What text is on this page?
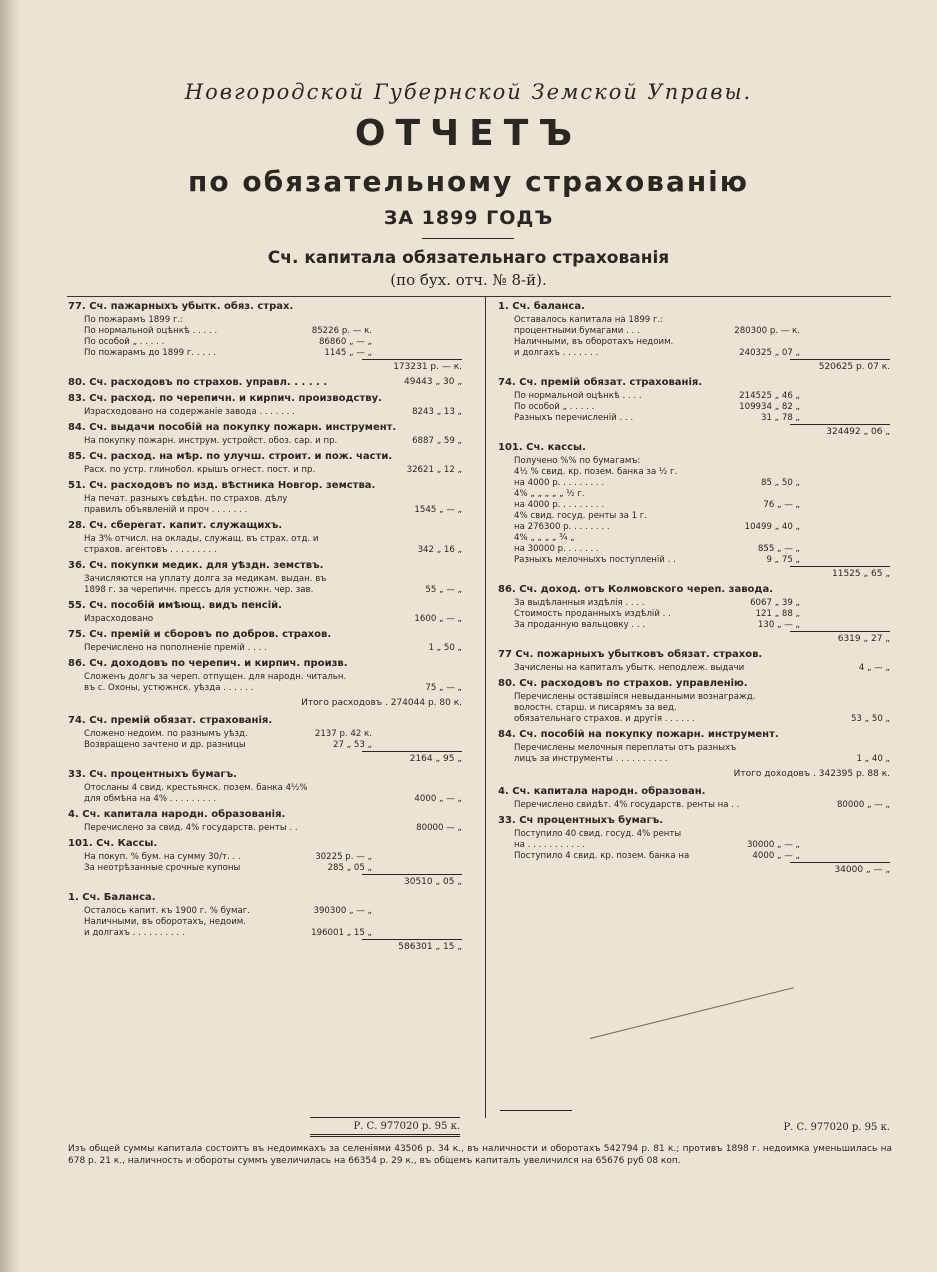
Новгородской Губернской Земской Управы.
ОТЧЕТЪ
по обязательному страхованію
ЗА 1899 ГОДЪ
Сч. капитала обязательнаго страхованія
(по бух. отч. № 8-й).
77. Сч. пажарныхъ убытк. обяз. страх.
По пожарамъ 1899 г.:
По нормальной оцѣнкѣ . . . . .	85226 р. — к.
По особой „ . . . . .	86860 „ — „
По пожарамъ до 1899 г. . . . .	1145 „ — „
173231 р. — к.
80. Сч. расходовъ по страхов. управл. . . . . .	49443 „ 30 „
83. Сч. расход. по черепичн. и кирпич. производству.
Израсходовано на содержаніе завода . . . . . . .	8243 „ 13 „
84. Сч. выдачи пособій на покупку пожарн. инструмент.
На покупку пожарн. инструм. устройст. обоз. сар. и пр.	6887 „ 59 „
85. Сч. расход. на мѣр. по улучш. строит. и пож. части.
Расх. по устр. глинобол. крышъ огнест. пост. и пр.	32621 „ 12 „
51. Сч. расходовъ по изд. вѣстника Новгор. земства.
На печат. разныхъ свѣдѣн. по страхов. дѣлу
правилъ объявленій и проч . . . . . . .	1545 „ — „
28. Сч. сберегат. капит. служащихъ.
На 3% отчисл. на оклады, служащ. въ страх. отд. и
страхов. агентовъ . . . . . . . . .	342 „ 16 „
36. Сч. покупки медик. для уѣздн. земствъ.
Зачисляются на уплату долга за медикам. выдан. въ
1898 г. за черепичн. прессъ для устюжн. чер. зав.	55 „ — „
55. Сч. пособій имѣющ. видъ пенсій.
Израсходовано	1600 „ — „
75. Сч. премій и сборовъ по добров. страхов.
Перечислено на пополненіе премій . . . .	1 „ 50 „
86. Сч. доходовъ по черепич. и кирпич. произв.
Сложенъ долгъ за череп. отпущен. для народн. читальн.
въ с. Охоны, устюжнск. уѣзда . . . . . .	75 „ — „
Итого расходовъ . 274044 р. 80 к.
74. Сч. премій обязат. страхованія.
Сложено недоим. по разнымъ уѣзд.	2137 р. 42 к.
Возвращено зачтено и др. разницы	27 „ 53 „
2164 „ 95 „
33. Сч. процентныхъ бумагъ.
Отосланы 4 свид. крестьянск. позем. банка 4½%
для обмѣна на 4% . . . . . . . . .	4000 „ — „
4. Сч. капитала народн. образованія.
Перечислено за свид. 4% государств. ренты . .	80000 — „
101. Сч. Кассы.
На покуп. % бум. на сумму 30/т. . .	30225 р. — „
За неотрѣзанные срочные купоны	285 „ 05 „
30510 „ 05 „
1. Сч. Баланса.
Осталось капит. къ 1900 г. % бумаг.	390300 „ — „
Наличными, въ оборотахъ, недоим.
и долгахъ . . . . . . . . . .	196001 „ 15 „
586301 „ 15 „
1. Сч. баланса.
Оставалось капитала на 1899 г.:
процентными бумагами . . .	280300 р. — к.
Наличными, въ оборотахъ недоим.
и долгахъ . . . . . . .	240325 „ 07 „
520625 р. 07 к.
74. Сч. премій обязат. страхованія.
По нормальной оцѣнкѣ . . . .	214525 „ 46 „
По особой „ . . . . .	109934 „ 82 „
Разныхъ перечисленій . . .	31 „ 78 „
324492 „ 06 „
101. Сч. кассы.
Получено %% по бумагамъ:
4½ % свид. кр. позем. банка за ½ г.
на 4000 р. . . . . . . . .	85 „ 50 „
4% „ „ „ „ „ ½ г.
на 4000 р. . . . . . . . .	76 „ — „
4% свид. госуд. ренты за 1 г.
на 276300 р. . . . . . . .	10499 „ 40 „
4% „ „ „ „ ¾ „
на 30000 р. . . . . . .	855 „ — „
Разныхъ мелочныхъ поступленій . .	9 „ 75 „
11525 „ 65 „
86. Сч. доход. отъ Колмовского череп. завода.
За выдѣланныя издѣлія . . . .	6067 „ 39 „
Стоимость проданныхъ издѣлій . .	121 „ 88 „
За проданную вальцовку . . .	130 „ — „
6319 „ 27 „
77 Сч. пожарныхъ убытковъ обязат. страхов.
Зачислены на капиталъ убытк. неподлеж. выдачи	4 „ — „
80. Сч. расходовъ по страхов. управленію.
Перечислены оставшіяся невыданными вознагражд.
волостн. старш. и писарямъ за вед.
обязательнаго страхов. и другія . . . . . .	53 „ 50 „
84. Сч. пособій на покупку пожарн. инструмент.
Перечислены мелочныя переплаты отъ разныхъ
лицъ за инструменты . . . . . . . . . .	1 „ 40 „
Итого доходовъ . 342395 р. 88 к.
4. Сч. капитала народн. образован.
Перечислено свидѣт. 4% государств. ренты на . .	80000 „ — „
33. Сч процентныхъ бумагъ.
Поступило 40 свид. госуд. 4% ренты
на . . . . . . . . . . .	30000 „ — „
Поступило 4 свид. кр. позем. банка на	4000 „ — „
34000 „ — „
Р. С. 977020 р. 95 к.	Р. С. 977020 р. 95 к.
Изъ общей суммы капитала состоитъ въ недоимкахъ за селеніями 43506 р. 34 к., въ наличности и оборотахъ 542794 р. 81 к.; противъ 1898 г. недоимка уменьшилась на 678 р. 21 к., наличность и обороты суммъ увеличилась на 66354 р. 29 к., въ общемъ капиталъ увеличился на 65676 руб 08 коп.
